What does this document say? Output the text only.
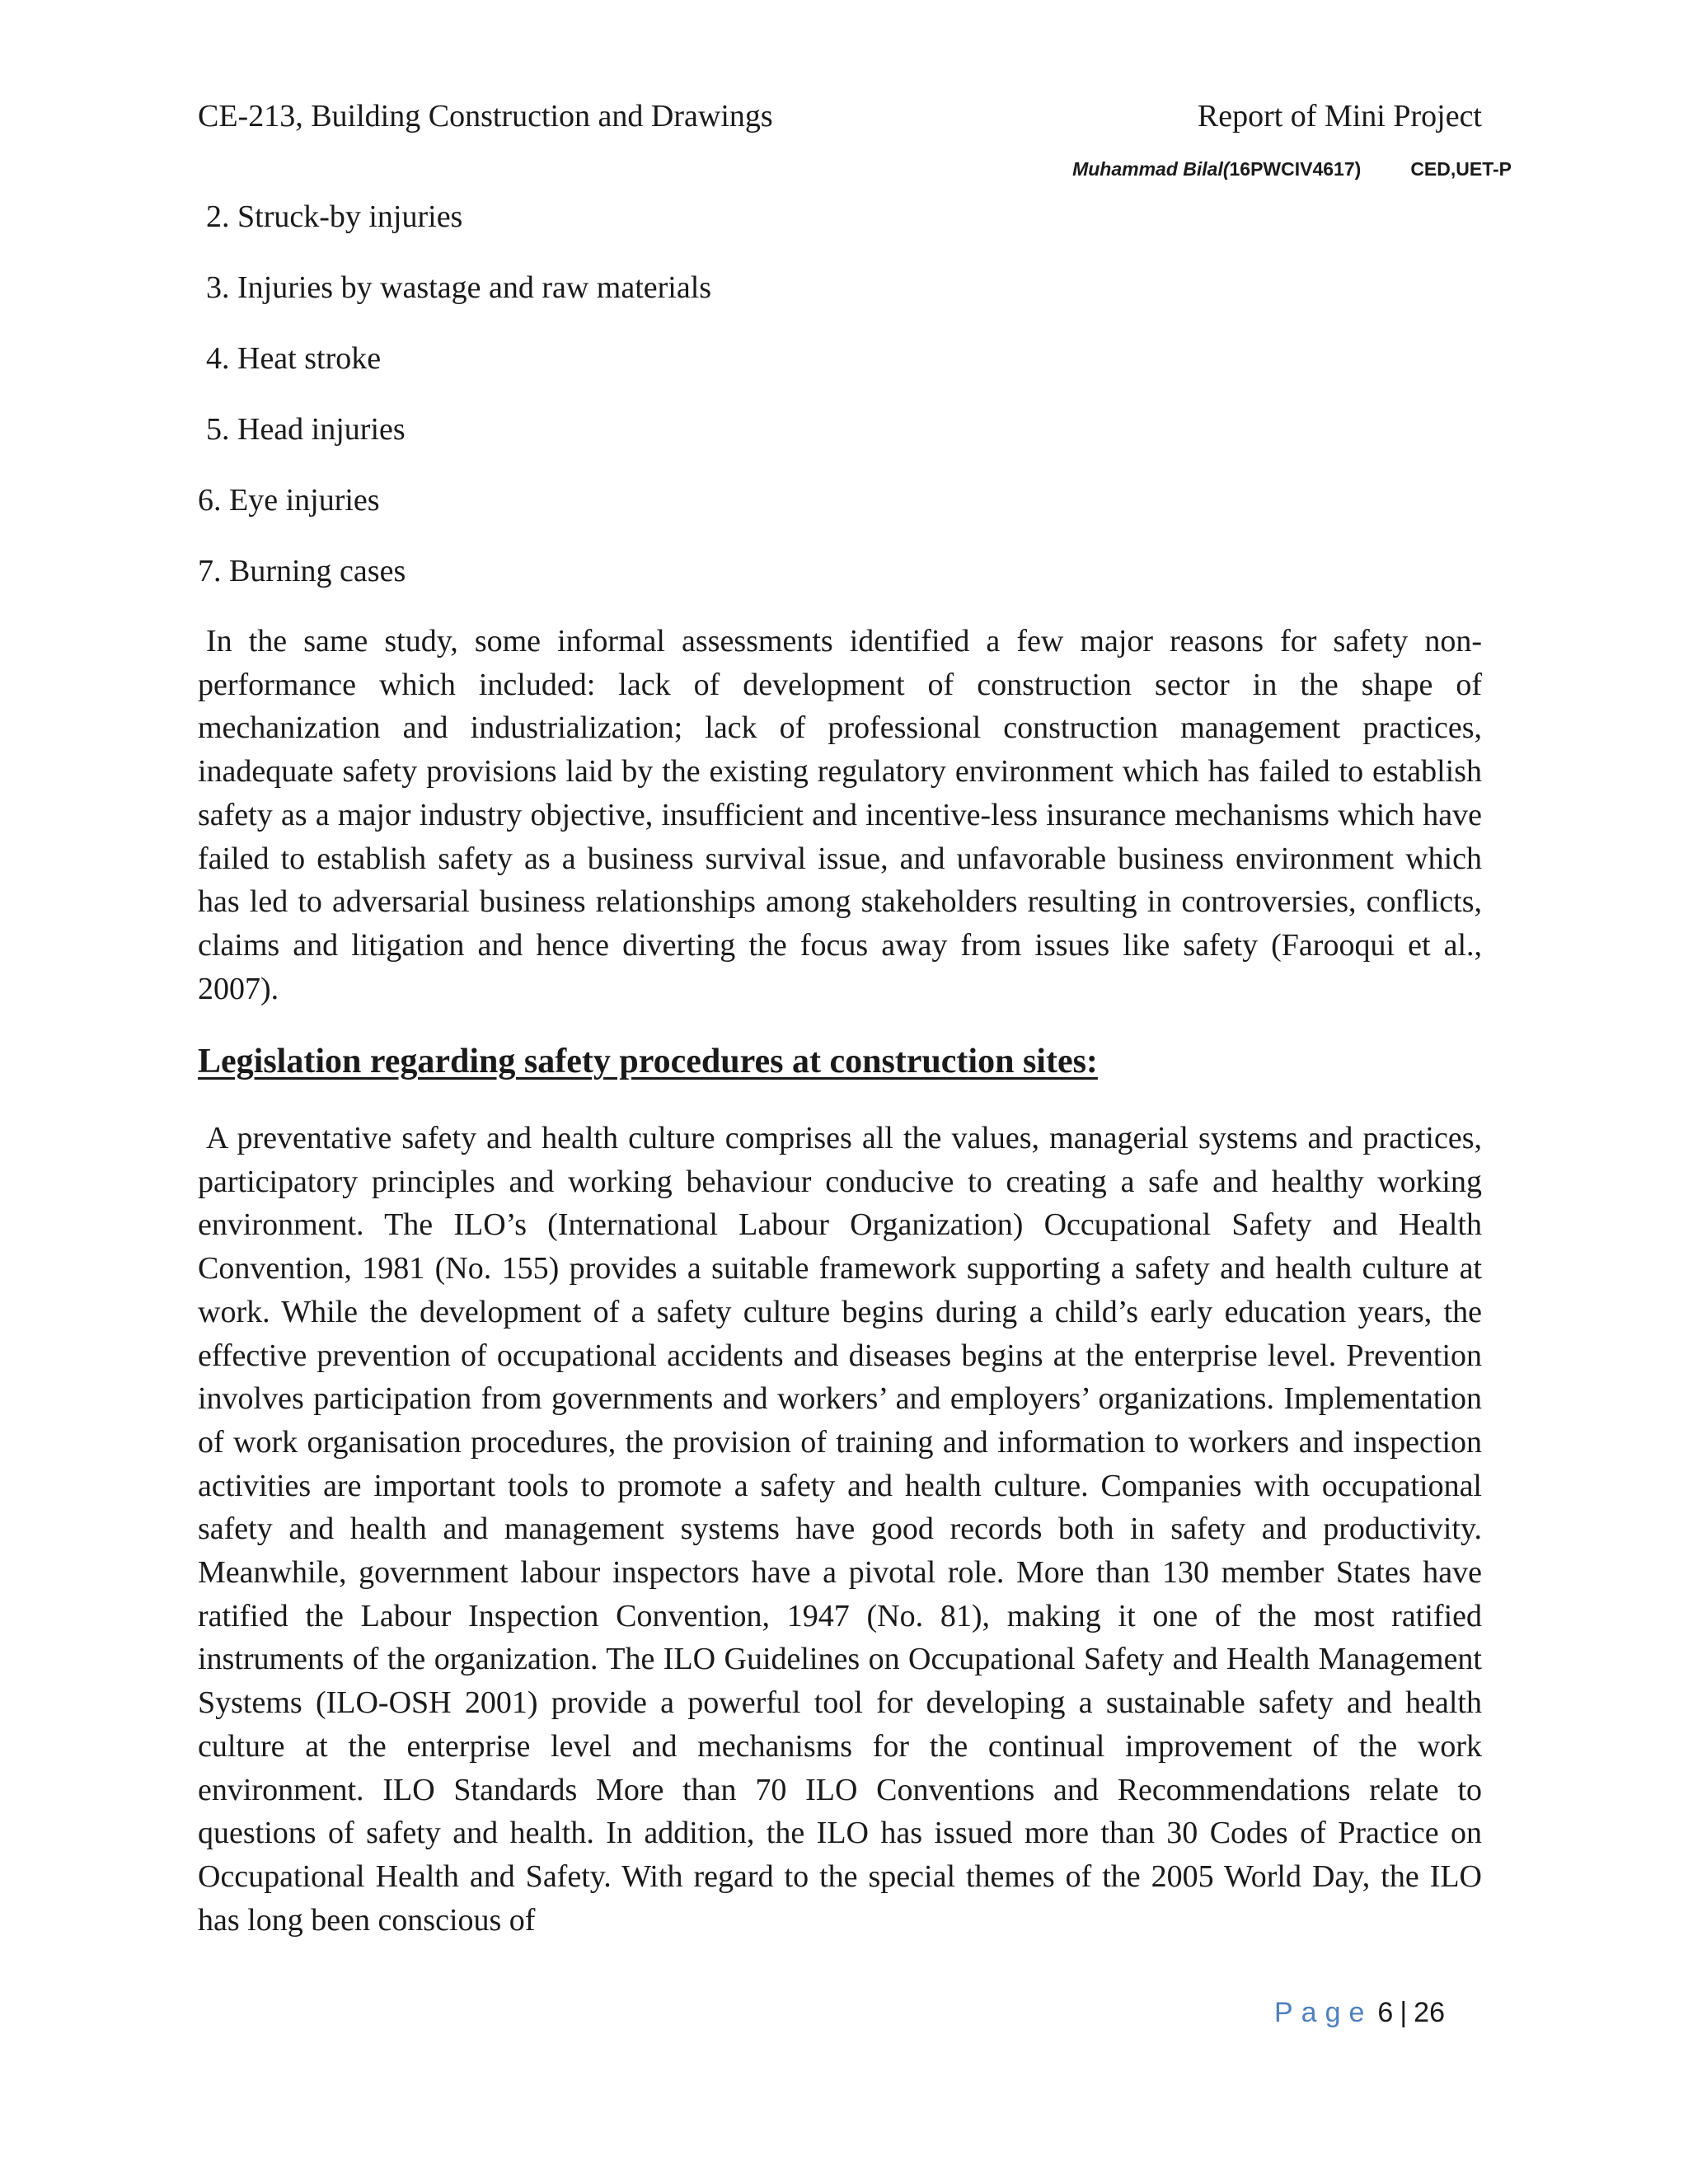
CE-213, Building Construction and Drawings	Report of Mini Project
Muhammad Bilal(16PWCIV4617)	CED,UET-P
2. Struck-by injuries
3. Injuries by wastage and raw materials
4. Heat stroke
5. Head injuries
6. Eye injuries
7. Burning cases

In the same study, some informal assessments identified a few major reasons for safety non-performance which included: lack of development of construction sector in the shape of mechanization and industrialization; lack of professional construction management practices, inadequate safety provisions laid by the existing regulatory environment which has failed to establish safety as a major industry objective, insufficient and incentive-less insurance mechanisms which have failed to establish safety as a business survival issue, and unfavorable business environment which has led to adversarial business relationships among stakeholders resulting in controversies, conflicts, claims and litigation and hence diverting the focus away from issues like safety (Farooqui et al., 2007).

Legislation regarding safety procedures at construction sites:

A preventative safety and health culture comprises all the values, managerial systems and practices, participatory principles and working behaviour conducive to creating a safe and healthy working environment. The ILO’s (International Labour Organization) Occupational Safety and Health Convention, 1981 (No. 155) provides a suitable framework supporting a safety and health culture at work. While the development of a safety culture begins during a child’s early education years, the effective prevention of occupational accidents and diseases begins at the enterprise level. Prevention involves participation from governments and workers’ and employers’ organizations. Implementation of work organisation procedures, the provision of training and information to workers and inspection activities are important tools to promote a safety and health culture. Companies with occupational safety and health and management systems have good records both in safety and productivity. Meanwhile, government labour inspectors have a pivotal role. More than 130 member States have ratified the Labour Inspection Convention, 1947 (No. 81), making it one of the most ratified instruments of the organization. The ILO Guidelines on Occupational Safety and Health Management Systems (ILO-OSH 2001) provide a powerful tool for developing a sustainable safety and health culture at the enterprise level and mechanisms for the continual improvement of the work environment. ILO Standards More than 70 ILO Conventions and Recommendations relate to questions of safety and health. In addition, the ILO has issued more than 30 Codes of Practice on Occupational Health and Safety. With regard to the special themes of the 2005 World Day, the ILO has long been conscious of

Page 6 | 26
